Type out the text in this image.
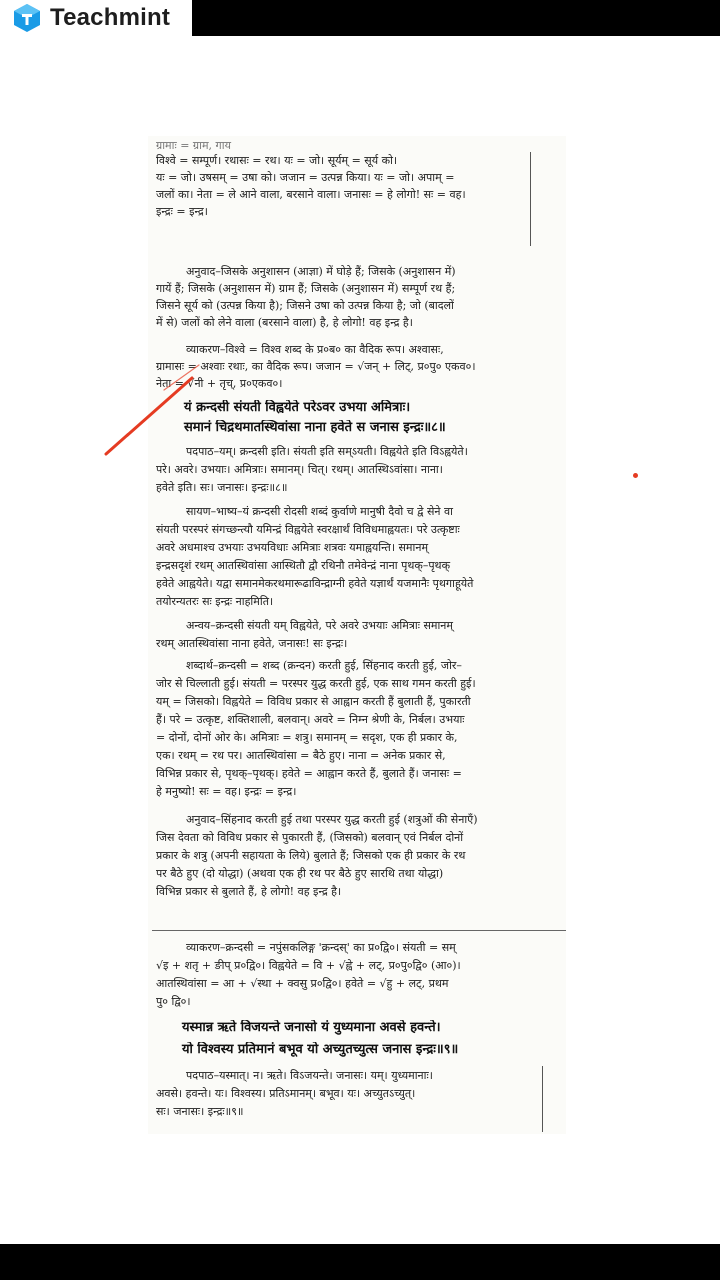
Teachmint
ग्रामाः = ग्राम, गाय
विश्वे = सम्पूर्ण। रथासः = रथ। यः = जो। सूर्यम् = सूर्य को।
यः = जो। उषसम् = उषा को। जजान = उत्पन्न किया। यः = जो। अपाम् =
जलों का। नेता = ले आने वाला, बरसाने वाला। जनासः = हे लोगो! सः = वह।
इन्द्रः = इन्द्र।
अनुवाद–जिसके अनुशासन (आज्ञा) में घोड़े हैं; जिसके (अनुशासन में)
गायें हैं; जिसके (अनुशासन में) ग्राम हैं; जिसके (अनुशासन में) सम्पूर्ण रथ हैं;
जिसने सूर्य को (उत्पन्न किया है); जिसने उषा को उत्पन्न किया है; जो (बादलों
में से) जलों को लेने वाला (बरसाने वाला) है, हे लोगो! वह इन्द्र है।
व्याकरण–विश्वे = विश्व शब्द के प्र०ब० का वैदिक रूप। अश्वासः,
ग्रामासः = अश्वाः रथाः, का वैदिक रूप। जजान = √जन् + लिट्, प्र०पु० एकव०।
नेता = √नी + तृच्, प्र०एकव०।
यं क्रन्दसी संयती विह्वयेते परेऽवर उभया अमित्राः।
समानं चिद्रथमातस्थिवांसा नाना हवेते स जनास इन्द्रः॥८॥
पदपाठ–यम्। क्रन्दसी इति। संयती इति सम्ऽयती। विह्वयेते इति विऽह्वयेते।
परे। अवरे। उभयाः। अमित्राः। समानम्। चित्। रथम्। आतस्थिऽवांसा। नाना।
हवेते इति। सः। जनासः। इन्द्रः॥८॥
सायण–भाष्य–यं क्रन्दसी रोदसी शब्दं कुर्वाणे मानुषी दैवो च द्वे सेने वा
संयती परस्परं संगच्छन्त्यौ यमिन्द्रं विह्वयेते स्वरक्षार्थं विविधमाह्वयतः। परे उत्कृष्टाः
अवरे अधमाश्च उभयाः उभयविधाः अमित्राः शत्रवः यमाह्वयन्ति। समानम्
इन्द्रसदृशं रथम् आतस्थिवांसा आस्थितौ द्वौ रथिनौ तमेवेन्द्रं नाना पृथक्–पृथक्
हवेते आह्वयेते। यद्वा समानमेकरथमारूढाविन्द्राग्नी हवेते यज्ञार्थं यजमानैः पृथगाहूयेते
तयोरन्यतरः सः इन्द्रः नाहमिति।
अन्वय–क्रन्दसी संयती यम् विह्वयेते, परे अवरे उभयाः अमित्राः समानम्
रथम् आतस्थिवांसा नाना हवेते, जनासः! सः इन्द्रः।
शब्दार्थ–क्रन्दसी = शब्द (क्रन्दन) करती हुई, सिंहनाद करती हुई, जोर–
जोर से चिल्लाती हुई। संयती = परस्पर युद्ध करती हुई, एक साथ गमन करती हुई।
यम् = जिसको। विह्वयेते = विविध प्रकार से आह्वान करती हैं बुलाती हैं, पुकारती
हैं। परे = उत्कृष्ट, शक्तिशाली, बलवान्। अवरे = निम्न श्रेणी के, निर्बल। उभयाः
= दोनों, दोनों ओर के। अमित्राः = शत्रु। समानम् = सदृश, एक ही प्रकार के,
एक। रथम् = रथ पर। आतस्थिवांसा = बैठे हुए। नाना = अनेक प्रकार से,
विभिन्न प्रकार से, पृथक्–पृथक्। हवेते = आह्वान करते हैं, बुलाते हैं। जनासः =
हे मनुष्यो! सः = वह। इन्द्रः = इन्द्र।
अनुवाद–सिंहनाद करती हुई तथा परस्पर युद्ध करती हुई (शत्रुओं की सेनाएँ)
जिस देवता को विविध प्रकार से पुकारती हैं, (जिसको) बलवान् एवं निर्बल दोनों
प्रकार के शत्रु (अपनी सहायता के लिये) बुलाते हैं; जिसको एक ही प्रकार के रथ
पर बैठे हुए (दो योद्धा) (अथवा एक ही रथ पर बैठे हुए सारथि तथा योद्धा)
विभिन्न प्रकार से बुलाते हैं, हे लोगो! वह इन्द्र है।
व्याकरण–क्रन्दसी = नपुंसकलिङ्ग 'क्रन्दस्' का प्र०द्वि०। संयती = सम्
√इ + शतृ + ङीप् प्र०द्वि०। विह्वयेते = वि + √ह्वे + लट्, प्र०पु०द्वि० (आ०)।
आतस्थिवांसा = आ + √स्था + क्वसु प्र०द्वि०। हवेते = √हु + लट्, प्रथम
पु० द्वि०।
यस्मान्न ऋते विजयन्ते जनासो यं युध्यमाना अवसे हवन्ते।
यो विश्वस्य प्रतिमानं बभूव यो अच्युतच्युत्स जनास इन्द्रः॥९॥
पदपाठ–यस्मात्। न। ऋते। विऽजयन्ते। जनासः। यम्। युध्यमानाः।
अवसे। हवन्ते। यः। विश्वस्य। प्रतिऽमानम्। बभूव। यः। अच्युतऽच्युत्।
सः। जनासः। इन्द्रः॥९॥
